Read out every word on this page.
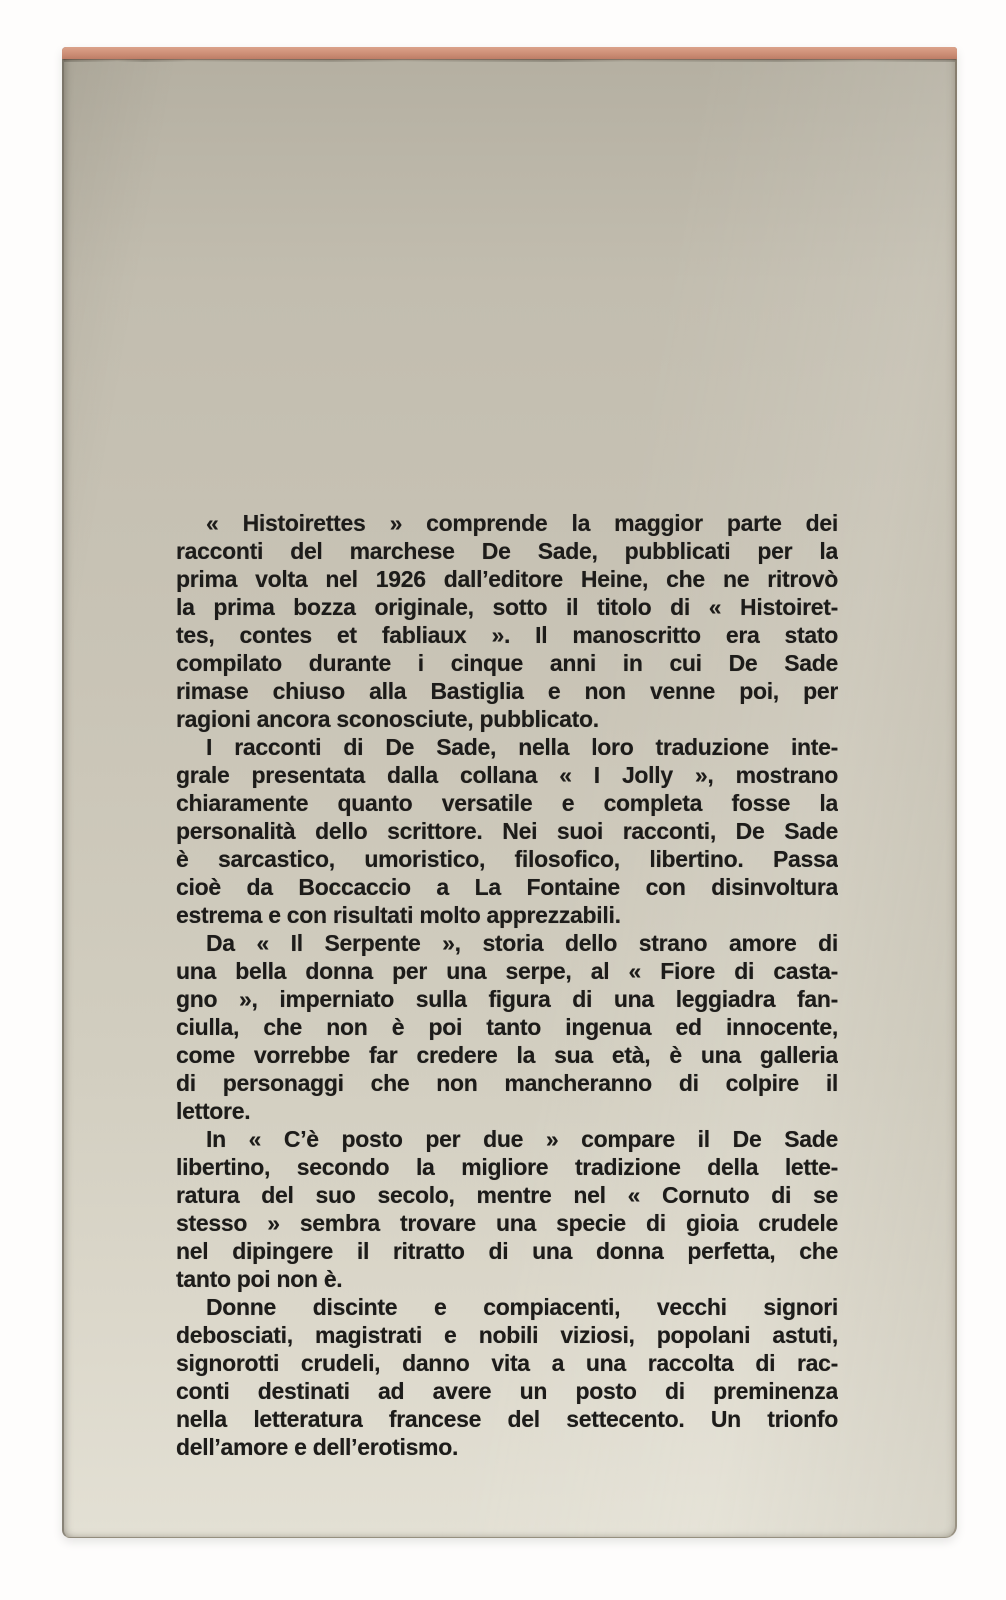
« Histoirettes » comprende la maggior parte dei
racconti del marchese De Sade, pubblicati per la
prima volta nel 1926 dall’editore Heine, che ne ritrovò
la prima bozza originale, sotto il titolo di « Histoiret-
tes, contes et fabliaux ». Il manoscritto era stato
compilato durante i cinque anni in cui De Sade
rimase chiuso alla Bastiglia e non venne poi, per
ragioni ancora sconosciute, pubblicato.
I racconti di De Sade, nella loro traduzione inte-
grale presentata dalla collana « I Jolly », mostrano
chiaramente quanto versatile e completa fosse la
personalità dello scrittore. Nei suoi racconti, De Sade
è sarcastico, umoristico, filosofico, libertino. Passa
cioè da Boccaccio a La Fontaine con disinvoltura
estrema e con risultati molto apprezzabili.
Da « Il Serpente », storia dello strano amore di
una bella donna per una serpe, al « Fiore di casta-
gno », imperniato sulla figura di una leggiadra fan-
ciulla, che non è poi tanto ingenua ed innocente,
come vorrebbe far credere la sua età, è una galleria
di personaggi che non mancheranno di colpire il
lettore.
In « C’è posto per due » compare il De Sade
libertino, secondo la migliore tradizione della lette-
ratura del suo secolo, mentre nel « Cornuto di se
stesso » sembra trovare una specie di gioia crudele
nel dipingere il ritratto di una donna perfetta, che
tanto poi non è.
Donne discinte e compiacenti, vecchi signori
debosciati, magistrati e nobili viziosi, popolani astuti,
signorotti crudeli, danno vita a una raccolta di rac-
conti destinati ad avere un posto di preminenza
nella letteratura francese del settecento. Un trionfo
dell’amore e dell’erotismo.
